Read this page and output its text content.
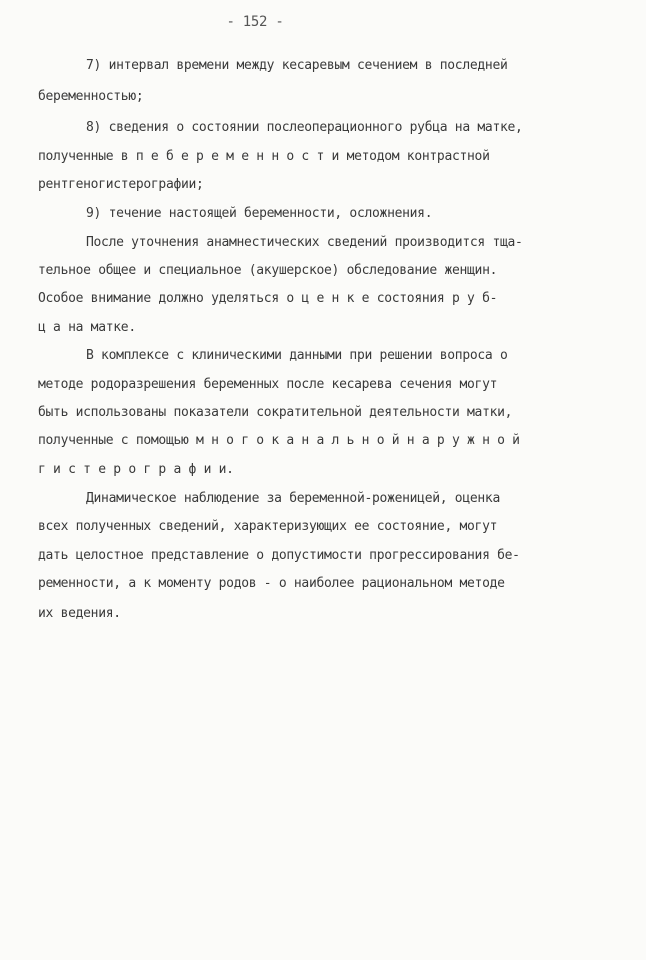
- 152 -
7) интервал времени между кесаревым сечением в последней
беременностью;
8) сведения о состоянии послеоперационного рубца на матке,
полученные в п е б е р е м е н н о с т и методом контрастной
рентгеногистерографии;
9) течение настоящей беременности, осложнения.
После уточнения анамнестических сведений производится тща-
тельное общее и специальное (акушерское) обследование женщин.
Особое внимание должно уделяться о ц е н к е состояния р у б-
ц а на матке.
В комплексе с клиническими данными при решении вопроса о
методе родоразрешения беременных после кесарева сечения могут
быть использованы показатели сократительной деятельности матки,
полученные с помощью м н о г о к а н а л ь н о й н а р у ж н о й
г и с т е р о г р а ф и и.
Динамическое наблюдение за беременной-роженицей, оценка
всех полученных сведений, характеризующих ее состояние, могут
дать целостное представление о допустимости прогрессирования бе-
ременности, а к моменту родов - о наиболее рациональном методе
их ведения.
